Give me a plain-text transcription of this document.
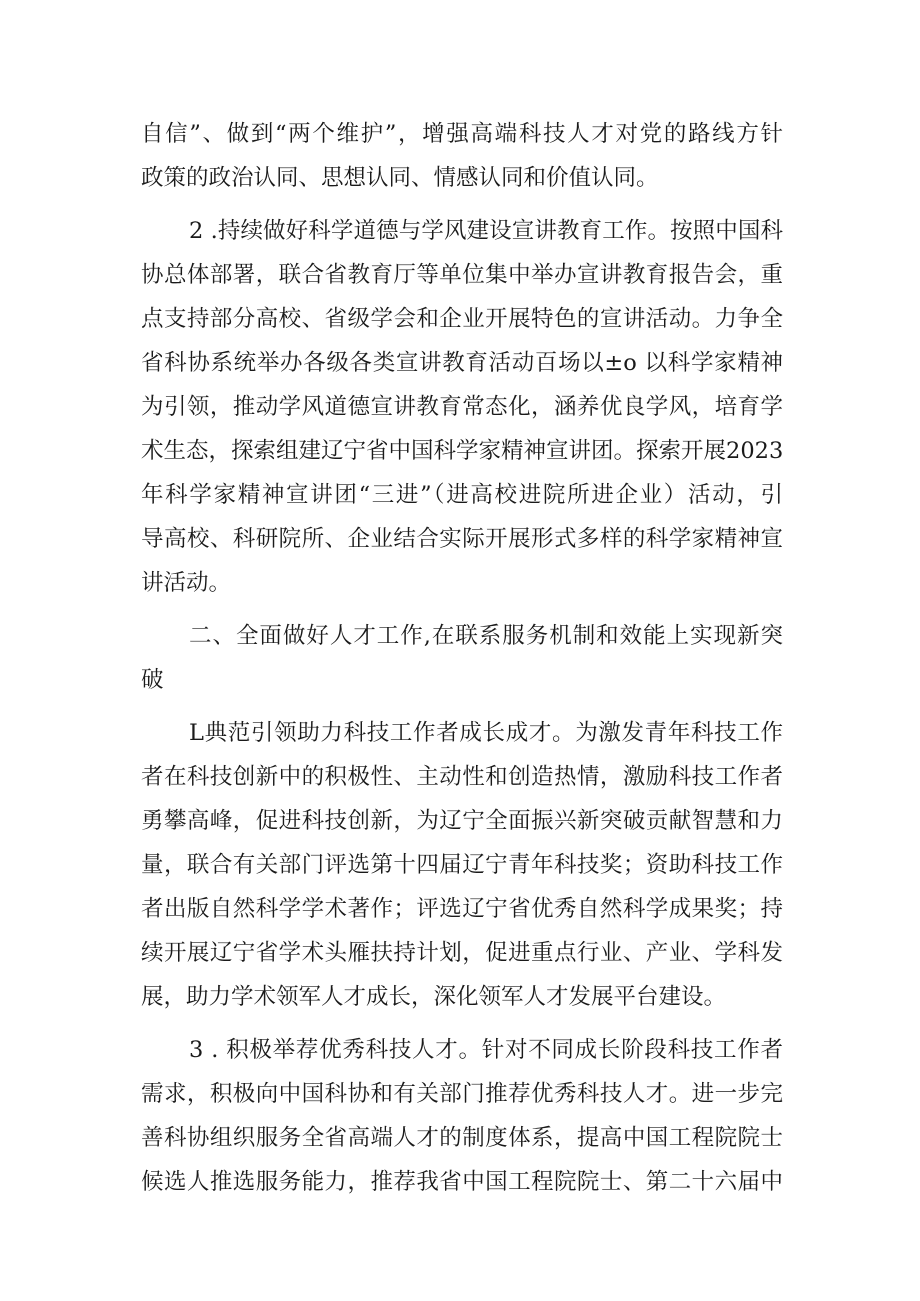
自信”、做到“两个维护”，增强高端科技人才对党的路线方针
政策的政治认同、思想认同、情感认同和价值认同。
2 .持续做好科学道德与学风建设宣讲教育工作。按照中国科
协总体部署，联合省教育厅等单位集中举办宣讲教育报告会，重
点支持部分高校、省级学会和企业开展特色的宣讲活动。力争全
省科协系统举办各级各类宣讲教育活动百场以±o 以科学家精神
为引领，推动学风道德宣讲教育常态化，涵养优良学风，培育学
术生态，探索组建辽宁省中国科学家精神宣讲团。探索开展2023
年科学家精神宣讲团“三进”（进高校进院所进企业）活动，引
导高校、科研院所、企业结合实际开展形式多样的科学家精神宣
讲活动。
二、全面做好人才工作,在联系服务机制和效能上实现新突
破
L典范引领助力科技工作者成长成才。为激发青年科技工作
者在科技创新中的积极性、主动性和创造热情，激励科技工作者
勇攀高峰，促进科技创新，为辽宁全面振兴新突破贡献智慧和力
量，联合有关部门评选第十四届辽宁青年科技奖；资助科技工作
者出版自然科学学术著作；评选辽宁省优秀自然科学成果奖；持
续开展辽宁省学术头雁扶持计划，促进重点行业、产业、学科发
展，助力学术领军人才成长，深化领军人才发展平台建设。
3 . 积极举荐优秀科技人才。针对不同成长阶段科技工作者
需求，积极向中国科协和有关部门推荐优秀科技人才。进一步完
善科协组织服务全省高端人才的制度体系，提高中国工程院院士
候选人推选服务能力，推荐我省中国工程院院士、第二十六届中
